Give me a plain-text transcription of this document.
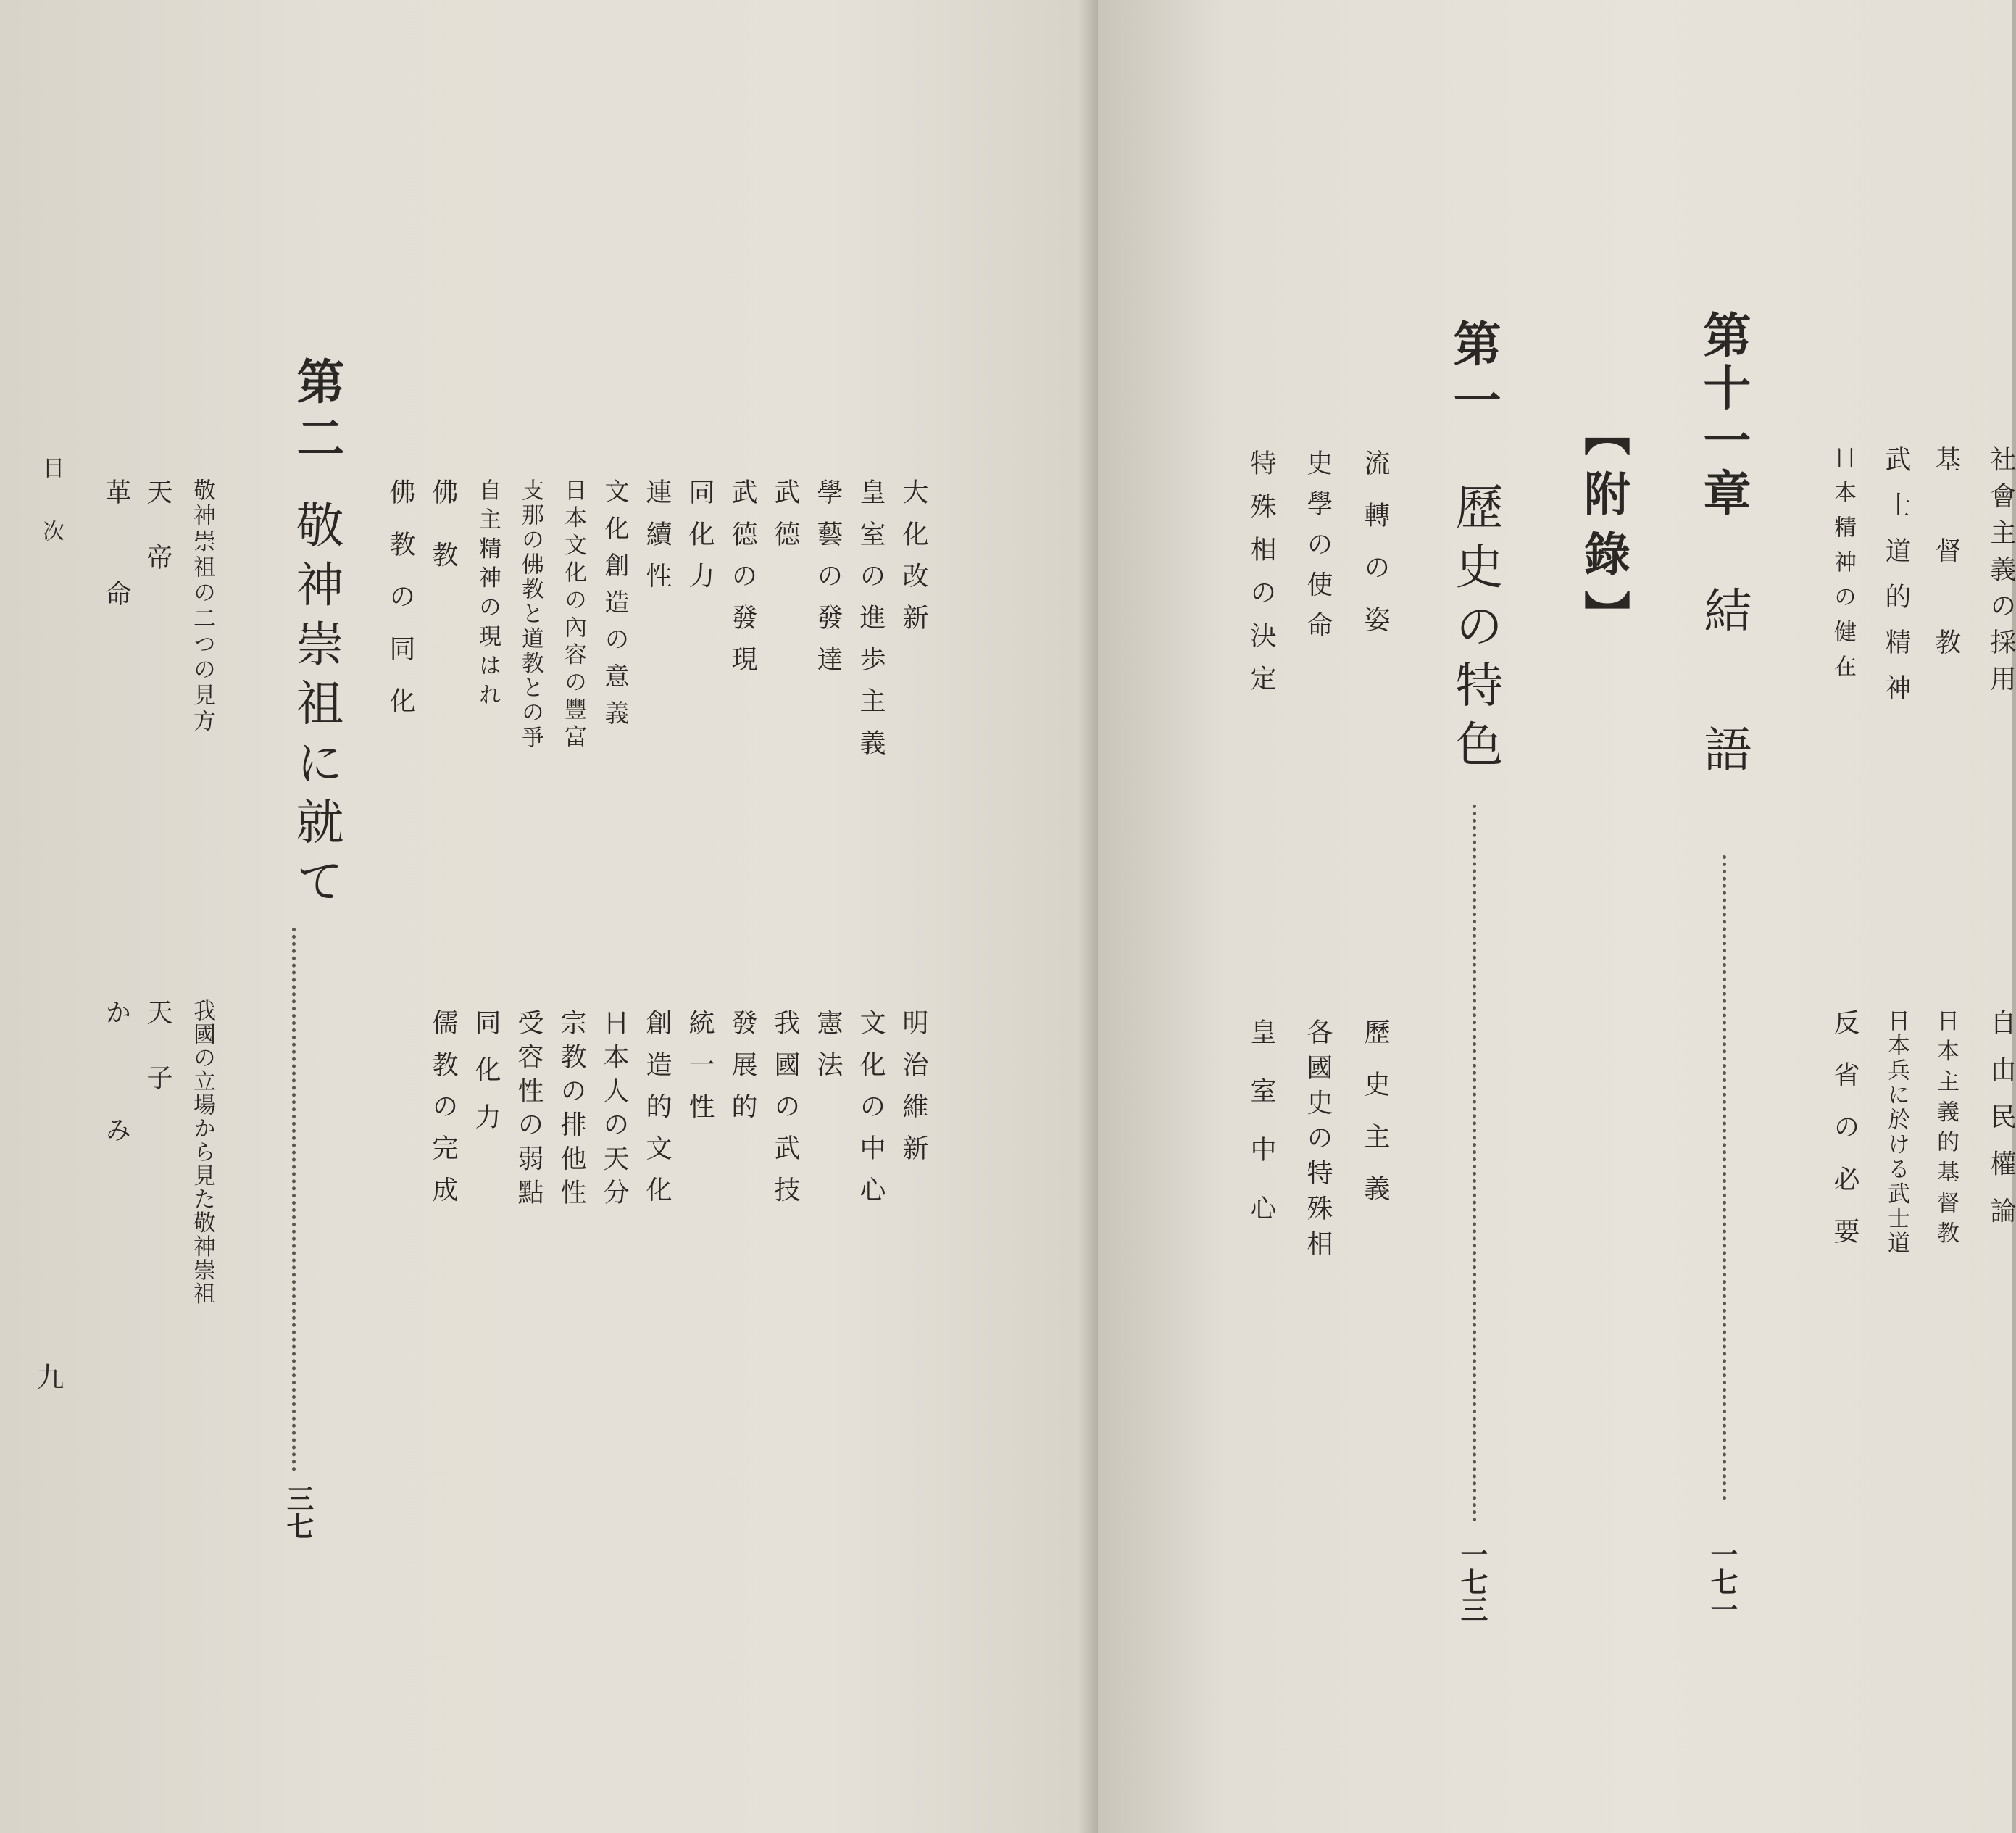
大化改新
明治維新
皇室の進歩主義
文化の中心
學藝の發達
憲法
武德
我國の武技
武德の發現
發展的
同化力
統一性
連續性
創造的文化
文化創造の意義
日本人の天分
日本文化の內容の豐富
宗教の排他性
支那の佛教と道教との爭
受容性の弱點
自主精神の現はれ
同化力
佛教
儒教の完成
佛教の同化
第二
敬神崇祖に就て
三七
敬神崇祖の二つの見方
我國の立場から見た敬神崇祖
天帝
天子
革命
かみ
目次
九
社會主義の採用
自由民權論
基督教
日本主義的基督教
武士道的精神
日本兵に於ける武士道
日本精神の健在
反省の必要
第十一章
結語
一七一
【附錄】
第一
歷史の特色
一七三
流轉の姿
歷史主義
史學の使命
各國史の特殊相
特殊相の決定
皇室中心
